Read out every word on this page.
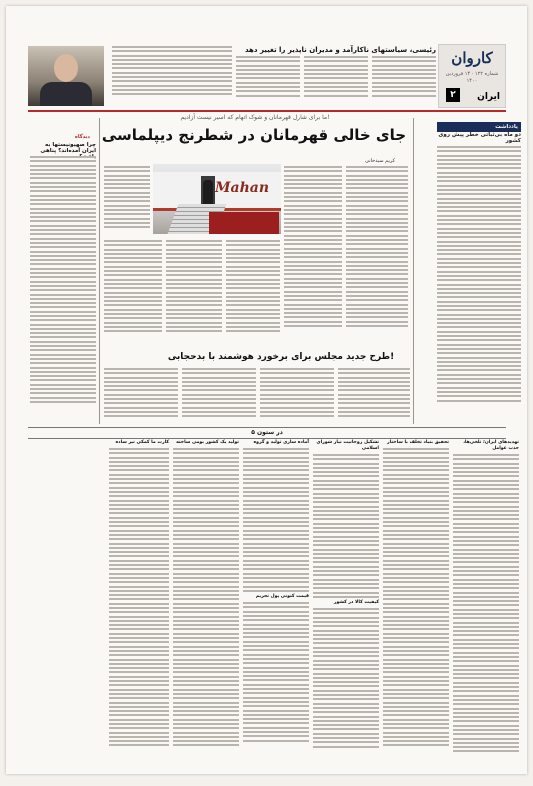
کاروان
شماره ۱۲۲ · ۱۴ فروردین ۱۴۰۰
ایران
۲
رئیسی، سیاستهای ناکارآمد و مدیران ناپذیر را تغییر دهد
دیدگاه
چرا صهیونیستها به ایران آمده‌اند؟ پناهی
ما برای شارل قهرمانان و شوک اتهام که اسیر نیست آزادیم!
جای خالی قهرمانان در شطرنج دیپلماسی
کریم سیدخانی
Mahan
طرح جدید مجلس برای برخورد هوشمند با بدحجابی!
یادداشت
دو ماه بی‌ثباتی خطر پیش روی کشور
در ستون ۵
تهدیدهای ایران؛ تلخی‌ها، جذب عوامل
تحقیق بنیاد تخلف با ساختار
تشکیل روحانیت نیاز شورای اسلامی
کیفیت کالا در کشور
آماده سازی تولید و گروه
قیمت کنونی پول تحریم
تولید یک کشور بومی ساخته
کارت ما کمکی نیز ساده
